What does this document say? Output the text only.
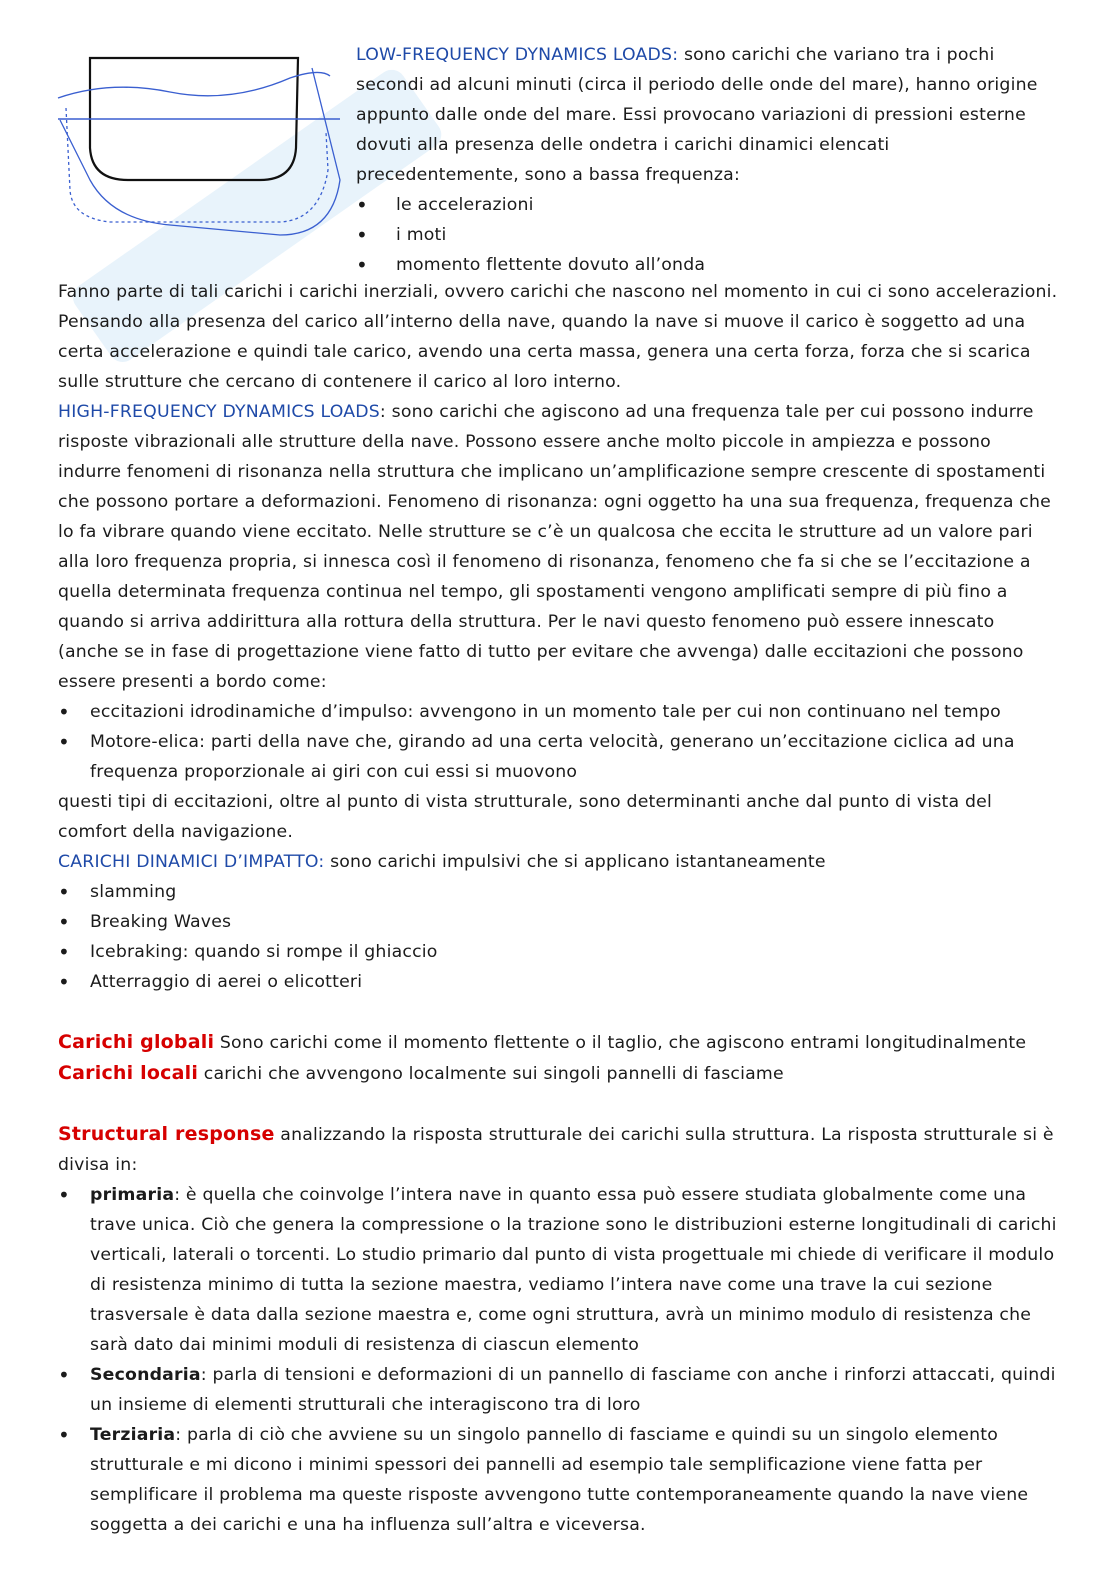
LOW-FREQUENCY DYNAMICS LOADS: sono carichi che variano tra i pochi secondi ad alcuni minuti (circa il periodo delle onde del mare), hanno origine appunto dalle onde del mare. Essi provocano variazioni di pressioni esterne dovuti alla presenza delle ondetra i carichi dinamici elencati precedentemente, sono a bassa frequenza:

• le accelerazioni
• i moti
• momento flettente dovuto all’onda

Fanno parte di tali carichi i carichi inerziali, ovvero carichi che nascono nel momento in cui ci sono accelerazioni. Pensando alla presenza del carico all’interno della nave, quando la nave si muove il carico è soggetto ad una certa accelerazione e quindi tale carico, avendo una certa massa, genera una certa forza, forza che si scarica sulle strutture che cercano di contenere il carico al loro interno.

HIGH-FREQUENCY DYNAMICS LOADS: sono carichi che agiscono ad una frequenza tale per cui possono indurre risposte vibrazionali alle strutture della nave. Possono essere anche molto piccole in ampiezza e possono indurre fenomeni di risonanza nella struttura che implicano un’amplificazione sempre crescente di spostamenti che possono portare a deformazioni. Fenomeno di risonanza: ogni oggetto ha una sua frequenza, frequenza che lo fa vibrare quando viene eccitato. Nelle strutture se c’è un qualcosa che eccita le strutture ad un valore pari alla loro frequenza propria, si innesca così il fenomeno di risonanza, fenomeno che fa si che se l’eccitazione a quella determinata frequenza continua nel tempo, gli spostamenti vengono amplificati sempre di più fino a quando si arriva addirittura alla rottura della struttura. Per le navi questo fenomeno può essere innescato (anche se in fase di progettazione viene fatto di tutto per evitare che avvenga) dalle eccitazioni che possono essere presenti a bordo come:

• eccitazioni idrodinamiche d’impulso: avvengono in un momento tale per cui non continuano nel tempo
• Motore-elica: parti della nave che, girando ad una certa velocità, generano un’eccitazione ciclica ad una frequenza proporzionale ai giri con cui essi si muovono

questi tipi di eccitazioni, oltre al punto di vista strutturale, sono determinanti anche dal punto di vista del comfort della navigazione.

CARICHI DINAMICI D’IMPATTO: sono carichi impulsivi che si applicano istantaneamente

• slamming
• Breaking Waves
• Icebraking: quando si rompe il ghiaccio
• Atterraggio di aerei o elicotteri

Carichi globali Sono carichi come il momento flettente o il taglio, che agiscono entrami longitudinalmente

Carichi locali carichi che avvengono localmente sui singoli pannelli di fasciame

Structural response analizzando la risposta strutturale dei carichi sulla struttura. La risposta strutturale si è divisa in:

• primaria: è quella che coinvolge l’intera nave in quanto essa può essere studiata globalmente come una trave unica. Ciò che genera la compressione o la trazione sono le distribuzioni esterne longitudinali di carichi verticali, laterali o torcenti. Lo studio primario dal punto di vista progettuale mi chiede di verificare il modulo di resistenza minimo di tutta la sezione maestra, vediamo l’intera nave come una trave la cui sezione trasversale è data dalla sezione maestra e, come ogni struttura, avrà un minimo modulo di resistenza che sarà dato dai minimi moduli di resistenza di ciascun elemento
• Secondaria: parla di tensioni e deformazioni di un pannello di fasciame con anche i rinforzi attaccati, quindi un insieme di elementi strutturali che interagiscono tra di loro
• Terziaria: parla di ciò che avviene su un singolo pannello di fasciame e quindi su un singolo elemento strutturale e mi dicono i minimi spessori dei pannelli ad esempio tale semplificazione viene fatta per semplificare il problema ma queste risposte avvengono tutte contemporaneamente quando la nave viene soggetta a dei carichi e una ha influenza sull’altra e viceversa.
